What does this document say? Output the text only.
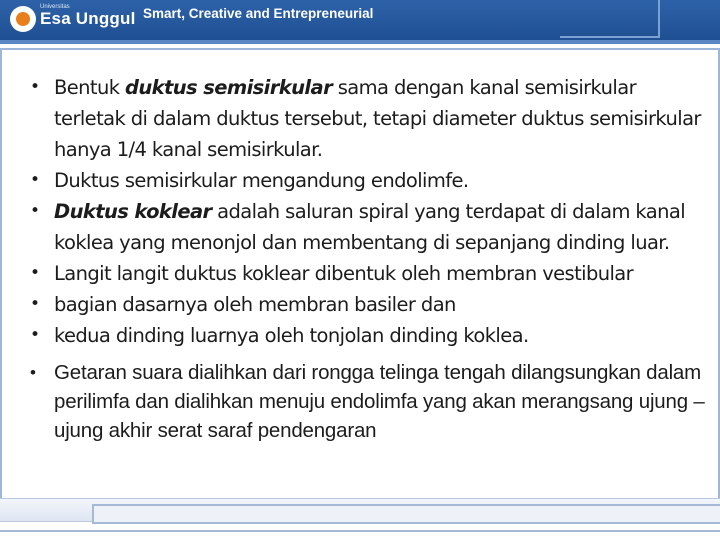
Universitas
Esa Unggul Smart, Creative and Entrepreneurial
• Bentuk duktus semisirkular sama dengan kanal semisirkular terletak di dalam duktus tersebut, tetapi diameter duktus semisirkular hanya 1/4 kanal semisirkular.
• Duktus semisirkular mengandung endolimfe.
• Duktus koklear adalah saluran spiral yang terdapat di dalam kanal koklea yang menonjol dan membentang di sepanjang dinding luar.
• Langit langit duktus koklear dibentuk oleh membran vestibular
• bagian dasarnya oleh membran basiler dan
• kedua dinding luarnya oleh tonjolan dinding koklea.
• Getaran suara dialihkan dari rongga telinga tengah dilangsungkan dalam perilimfa dan dialihkan menuju endolimfa yang akan merangsang ujung – ujung akhir serat saraf pendengaran
